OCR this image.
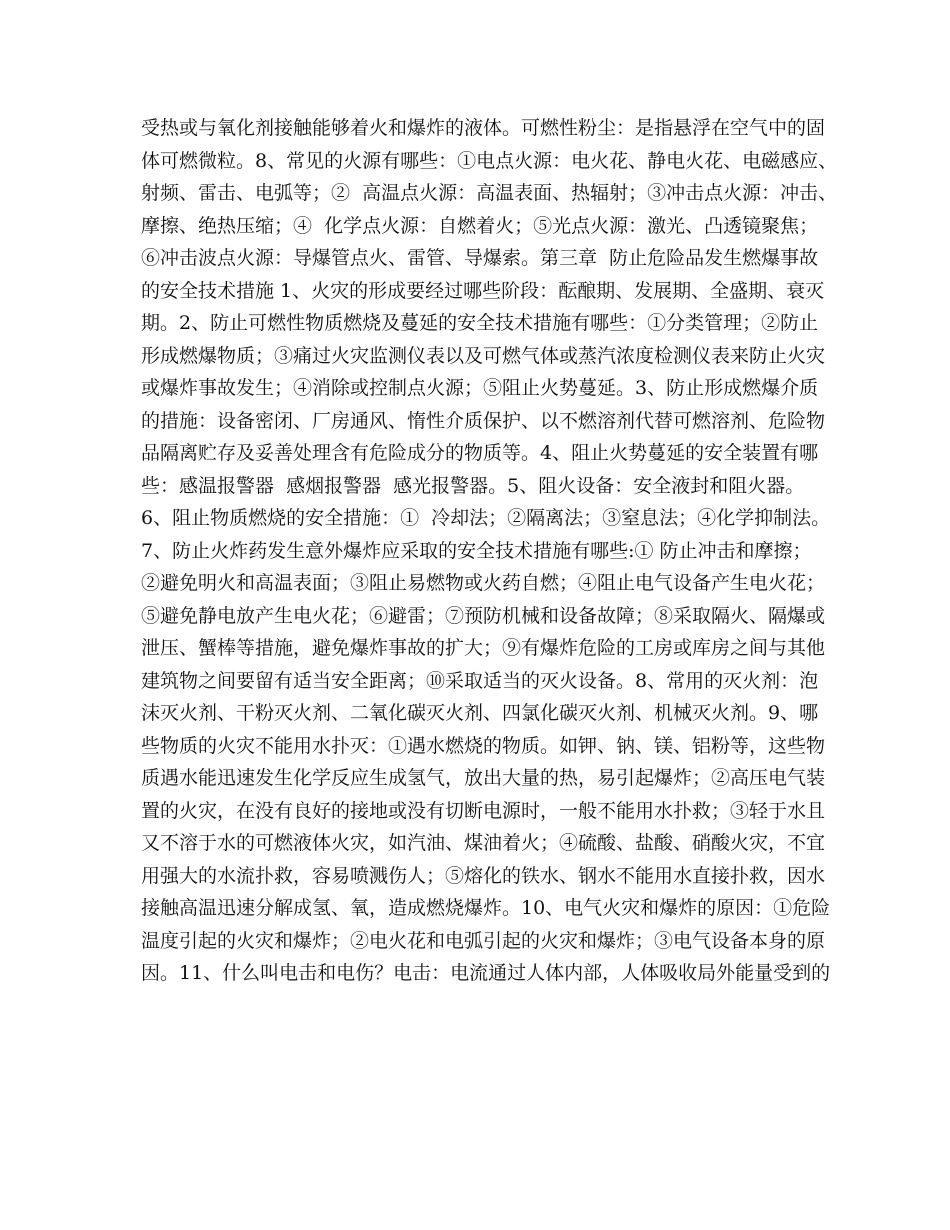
受热或与氧化剂接触能够着火和爆炸的液体。可燃性粉尘：是指悬浮在空气中的固
体可燃微粒。8、常见的火源有哪些：①电点火源：电火花、静电火花、电磁感应、
射频、雷击、电弧等；②  高温点火源：高温表面、热辐射；③冲击点火源：冲击、
摩擦、绝热压缩；④  化学点火源：自燃着火；⑤光点火源：激光、凸透镜聚焦；
⑥冲击波点火源：导爆管点火、雷管、导爆索。第三章  防止危险品发生燃爆事故
的安全技术措施 1、火灾的形成要经过哪些阶段：酝酿期、发展期、全盛期、衰灭
期。2、防止可燃性物质燃烧及蔓延的安全技术措施有哪些：①分类管理；②防止
形成燃爆物质；③痛过火灾监测仪表以及可燃气体或蒸汽浓度检测仪表来防止火灾
或爆炸事故发生；④消除或控制点火源；⑤阻止火势蔓延。3、防止形成燃爆介质
的措施：设备密闭、厂房通风、惰性介质保护、以不燃溶剂代替可燃溶剂、危险物
品隔离贮存及妥善处理含有危险成分的物质等。4、阻止火势蔓延的安全装置有哪
些：感温报警器  感烟报警器  感光报警器。5、阻火设备：安全液封和阻火器。
6、阻止物质燃烧的安全措施：①  冷却法；②隔离法；③窒息法；④化学抑制法。
7、防止火炸药发生意外爆炸应采取的安全技术措施有哪些:① 防止冲击和摩擦；
②避免明火和高温表面；③阻止易燃物或火药自燃；④阻止电气设备产生电火花；
⑤避免静电放产生电火花；⑥避雷；⑦预防机械和设备故障；⑧采取隔火、隔爆或
泄压、蟹棒等措施，避免爆炸事故的扩大；⑨有爆炸危险的工房或库房之间与其他
建筑物之间要留有适当安全距离；⑩采取适当的灭火设备。8、常用的灭火剂：泡
沫灭火剂、干粉灭火剂、二氧化碳灭火剂、四氯化碳灭火剂、机械灭火剂。9、哪
些物质的火灾不能用水扑灭：①遇水燃烧的物质。如钾、钠、镁、铝粉等，这些物
质遇水能迅速发生化学反应生成氢气，放出大量的热，易引起爆炸；②高压电气装
置的火灾，在没有良好的接地或没有切断电源时，一般不能用水扑救；③轻于水且
又不溶于水的可燃液体火灾，如汽油、煤油着火；④硫酸、盐酸、硝酸火灾，不宜
用强大的水流扑救，容易喷溅伤人；⑤熔化的铁水、钢水不能用水直接扑救，因水
接触高温迅速分解成氢、氧，造成燃烧爆炸。10、电气火灾和爆炸的原因：①危险
温度引起的火灾和爆炸；②电火花和电弧引起的火灾和爆炸；③电气设备本身的原
因。11、什么叫电击和电伤？电击：电流通过人体内部，人体吸收局外能量受到的
